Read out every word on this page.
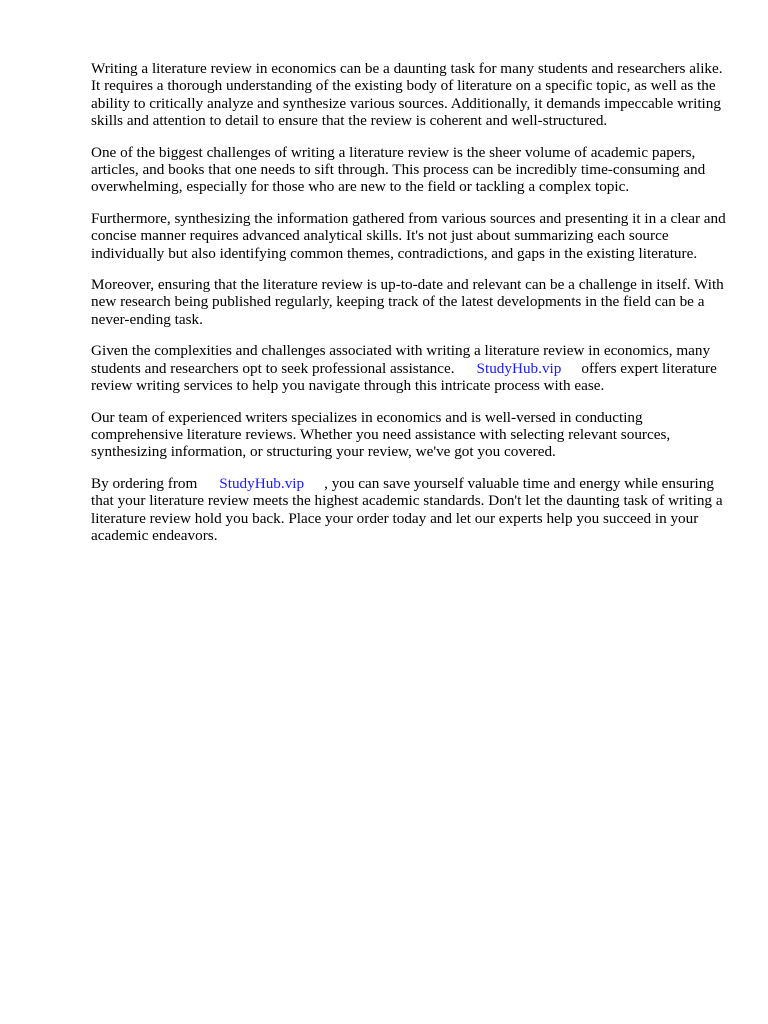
Writing a literature review in economics can be a daunting task for many students and researchers alike. It requires a thorough understanding of the existing body of literature on a specific topic, as well as the ability to critically analyze and synthesize various sources. Additionally, it demands impeccable writing skills and attention to detail to ensure that the review is coherent and well-structured.

One of the biggest challenges of writing a literature review is the sheer volume of academic papers, articles, and books that one needs to sift through. This process can be incredibly time-consuming and overwhelming, especially for those who are new to the field or tackling a complex topic.

Furthermore, synthesizing the information gathered from various sources and presenting it in a clear and concise manner requires advanced analytical skills. It's not just about summarizing each source individually but also identifying common themes, contradictions, and gaps in the existing literature.

Moreover, ensuring that the literature review is up-to-date and relevant can be a challenge in itself. With new research being published regularly, keeping track of the latest developments in the field can be a never-ending task.

Given the complexities and challenges associated with writing a literature review in economics, many students and researchers opt to seek professional assistance. StudyHub.vip offers expert literature review writing services to help you navigate through this intricate process with ease.

Our team of experienced writers specializes in economics and is well-versed in conducting comprehensive literature reviews. Whether you need assistance with selecting relevant sources, synthesizing information, or structuring your review, we've got you covered.

By ordering from StudyHub.vip , you can save yourself valuable time and energy while ensuring that your literature review meets the highest academic standards. Don't let the daunting task of writing a literature review hold you back. Place your order today and let our experts help you succeed in your academic endeavors.
